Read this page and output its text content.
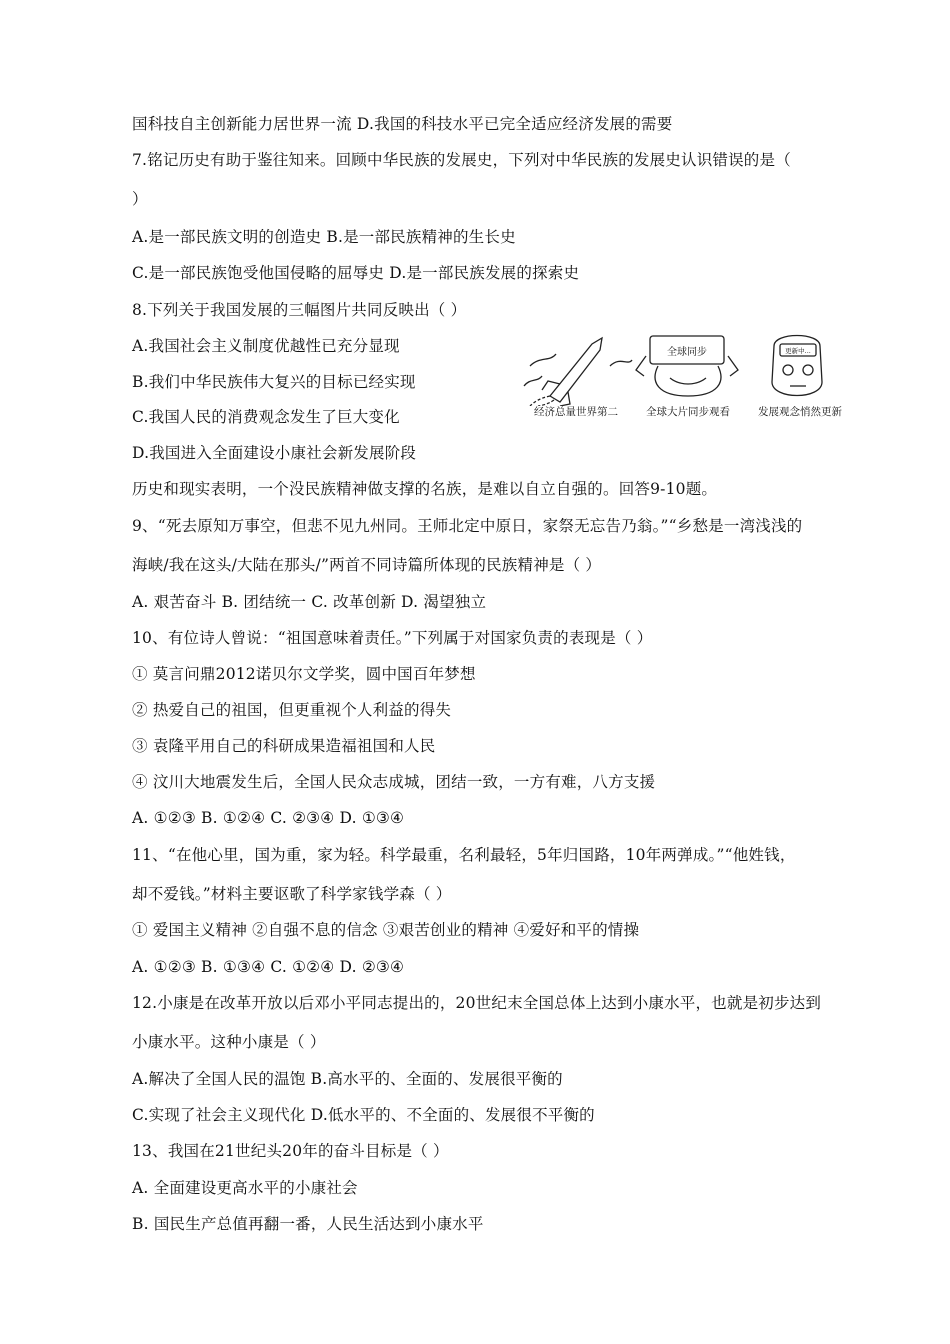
国科技自主创新能力居世界一流 D.我国的科技水平已完全适应经济发展的需要
7.铭记历史有助于鉴往知来。回顾中华民族的发展史，下列对中华民族的发展史认识错误的是（
）
A.是一部民族文明的创造史 B.是一部民族精神的生长史
C.是一部民族饱受他国侵略的屈辱史 D.是一部民族发展的探索史
8.下列关于我国发展的三幅图片共同反映出（ ）
A.我国社会主义制度优越性已充分显现
B.我们中华民族伟大复兴的目标已经实现
C.我国人民的消费观念发生了巨大变化
D.我国进入全面建设小康社会新发展阶段
历史和现实表明，一个没民族精神做支撑的名族，是难以自立自强的。回答9-10题。
9、“死去原知万事空，但悲不见九州同。王师北定中原日，家祭无忘告乃翁。”“乡愁是一湾浅浅的
海峡/我在这头/大陆在那头/”两首不同诗篇所体现的民族精神是（ ）
A. 艰苦奋斗 B. 团结统一 C. 改革创新 D. 渴望独立
10、有位诗人曾说：“祖国意味着责任。”下列属于对国家负责的表现是（ ）
① 莫言问鼎2012诺贝尔文学奖，圆中国百年梦想
② 热爱自己的祖国，但更重视个人利益的得失
③ 袁隆平用自己的科研成果造福祖国和人民
④ 汶川大地震发生后，全国人民众志成城，团结一致，一方有难，八方支援
A. ①②③ B. ①②④ C. ②③④ D. ①③④
11、“在他心里，国为重，家为轻。科学最重，名利最轻，5年归国路，10年两弹成。”“他姓钱，
却不爱钱。”材料主要讴歌了科学家钱学森（ ）
① 爱国主义精神 ②自强不息的信念 ③艰苦创业的精神 ④爱好和平的情操
A. ①②③ B. ①③④ C. ①②④ D. ②③④
12.小康是在改革开放以后邓小平同志提出的，20世纪末全国总体上达到小康水平，也就是初步达到
小康水平。这种小康是（ ）
A.解决了全国人民的温饱 B.高水平的、全面的、发展很平衡的
C.实现了社会主义现代化 D.低水平的、不全面的、发展很不平衡的
13、我国在21世纪头20年的奋斗目标是（ ）
A. 全面建设更高水平的小康社会
B. 国民生产总值再翻一番，人民生活达到小康水平
全球同步	更新中...
经济总量世界第二	全球大片同步观看	发展观念悄然更新
